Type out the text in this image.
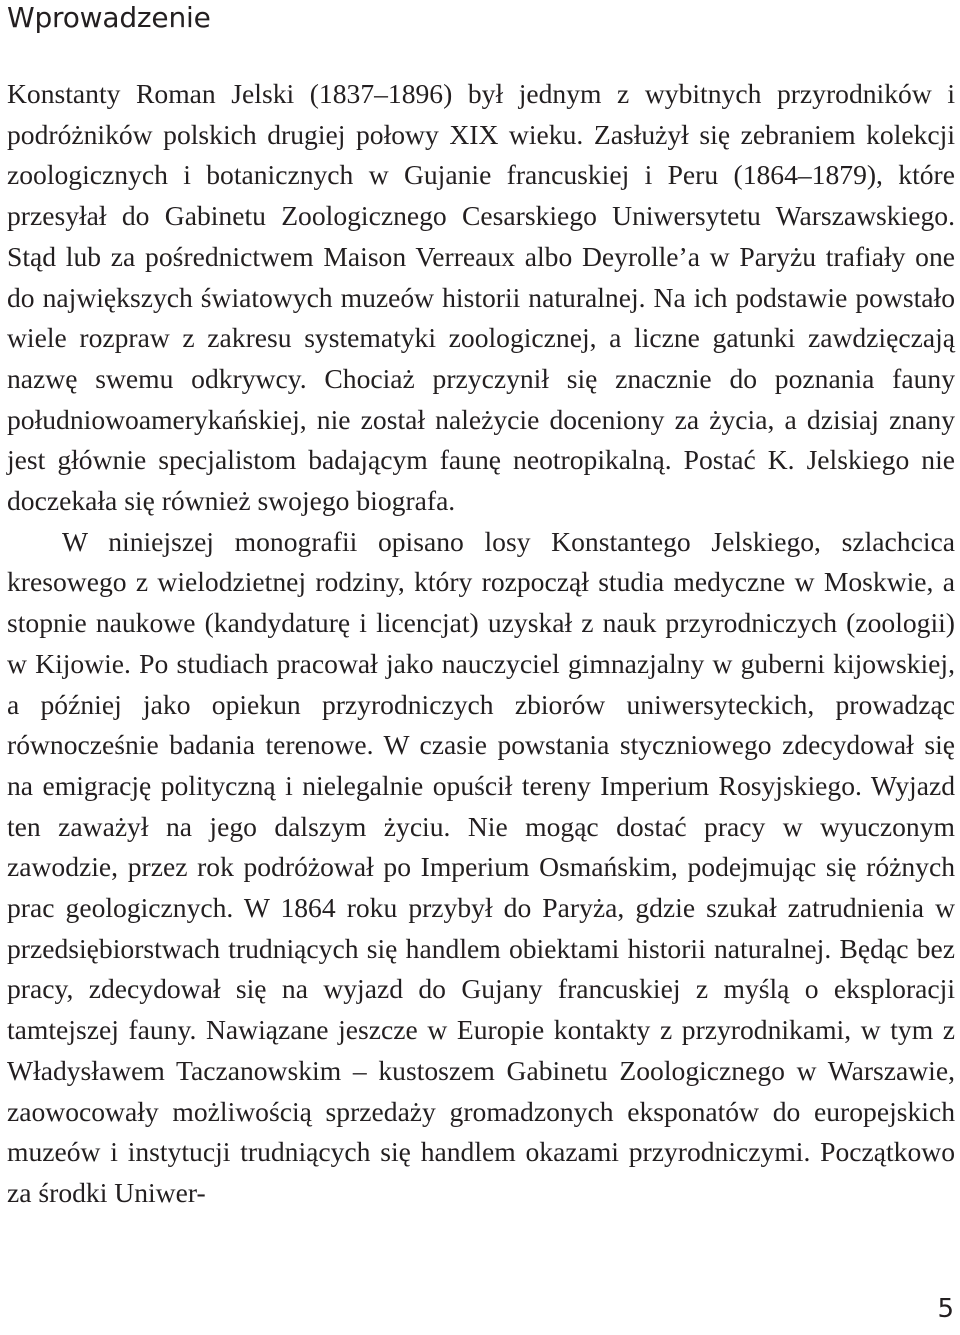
Wprowadzenie

Konstanty Roman Jelski (1837–1896) był jednym z wybitnych przyrodników i podróżników polskich drugiej połowy XIX wieku. Zasłużył się zebraniem kolekcji zoologicznych i botanicznych w Gujanie francuskiej i Peru (1864–1879), które przesyłał do Gabinetu Zoologicznego Cesarskiego Uniwersytetu Warszawskiego. Stąd lub za pośrednictwem Maison Verreaux albo Deyrolle’a w Paryżu trafiały one do największych światowych muzeów historii naturalnej. Na ich podstawie powstało wiele rozpraw z zakresu systematyki zoologicznej, a liczne gatunki zawdzięczają nazwę swemu odkrywcy. Chociaż przyczynił się znacznie do poznania fauny południowoamerykańskiej, nie został należycie doceniony za życia, a dzisiaj znany jest głównie specjalistom badającym faunę neotropikalną. Postać K. Jelskiego nie doczekała się również swojego biografa.

W niniejszej monografii opisano losy Konstantego Jelskiego, szlachcica kresowego z wielodzietnej rodziny, który rozpoczął studia medyczne w Moskwie, a stopnie naukowe (kandydaturę i licencjat) uzyskał z nauk przyrodniczych (zoologii) w Kijowie. Po studiach pracował jako nauczyciel gimnazjalny w guberni kijowskiej, a później jako opiekun przyrodniczych zbiorów uniwersyteckich, prowadząc równocześnie badania terenowe. W czasie powstania styczniowego zdecydował się na emigrację polityczną i nielegalnie opuścił tereny Imperium Rosyjskiego. Wyjazd ten zaważył na jego dalszym życiu. Nie mogąc dostać pracy w wyuczonym zawodzie, przez rok podróżował po Imperium Osmańskim, podejmując się różnych prac geologicznych. W 1864 roku przybył do Paryża, gdzie szukał zatrudnienia w przedsiębiorstwach trudniących się handlem obiektami historii naturalnej. Będąc bez pracy, zdecydował się na wyjazd do Gujany francuskiej z myślą o eksploracji tamtejszej fauny. Nawiązane jeszcze w Europie kontakty z przyrodnikami, w tym z Władysławem Taczanowskim – kustoszem Gabinetu Zoologicznego w Warszawie, zaowocowały możliwością sprzedaży gromadzonych eksponatów do europejskich muzeów i instytucji trudniących się handlem okazami przyrodniczymi. Początkowo za środki Uniwer-

5
